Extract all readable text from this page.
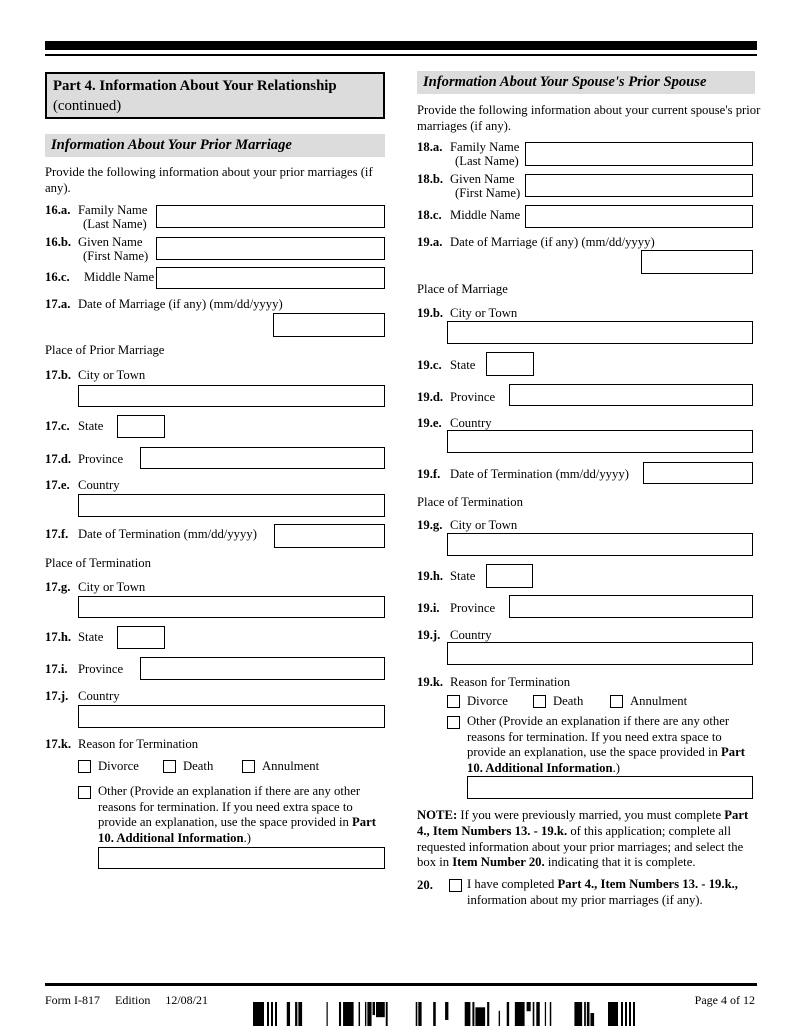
Part 4. Information About Your Relationship
(continued)
Information About Your Prior Marriage
Provide the following information about your prior marriages (if any).
16.a. Family Name
(Last Name)
16.b. Given Name
(First Name)
16.c. Middle Name
17.a. Date of Marriage (if any) (mm/dd/yyyy)
Place of Prior Marriage
17.b. City or Town
17.c. State
17.d. Province
17.e. Country
17.f. Date of Termination (mm/dd/yyyy)
Place of Termination
17.g. City or Town
17.h. State
17.i. Province
17.j. Country
17.k. Reason for Termination
Divorce	Death	Annulment
Other (Provide an explanation if there are any other reasons for termination. If you need extra space to provide an explanation, use the space provided in Part 10. Additional Information.)
Information About Your Spouse's Prior Spouse
Provide the following information about your current spouse's prior marriages (if any).
18.a. Family Name
(Last Name)
18.b. Given Name
(First Name)
18.c. Middle Name
19.a. Date of Marriage (if any) (mm/dd/yyyy)
Place of Marriage
19.b. City or Town
19.c. State
19.d. Province
19.e. Country
19.f. Date of Termination (mm/dd/yyyy)
Place of Termination
19.g. City or Town
19.h. State
19.i. Province
19.j. Country
19.k. Reason for Termination
Divorce	Death	Annulment
Other (Provide an explanation if there are any other reasons for termination. If you need extra space to provide an explanation, use the space provided in Part 10. Additional Information.)
NOTE: If you were previously married, you must complete Part 4., Item Numbers 13. - 19.k. of this application; complete all requested information about your prior marriages; and select the box in Item Number 20. indicating that it is complete.
20.	I have completed Part 4., Item Numbers 13. - 19.k., information about my prior marriages (if any).
Form I-817 Edition 12/08/21	Page 4 of 12
